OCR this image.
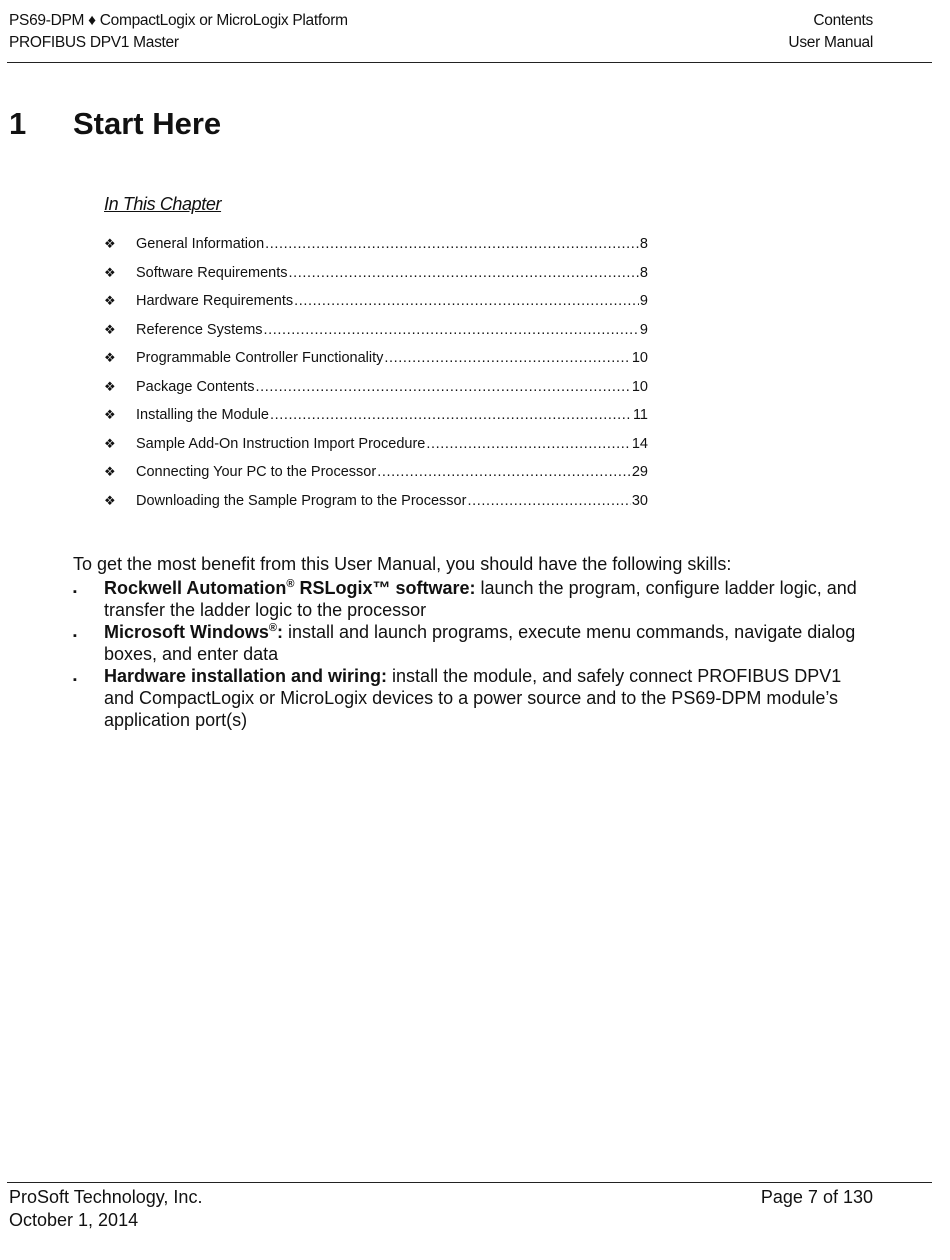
PS69-DPM ♦ CompactLogix or MicroLogix Platform	Contents
PROFIBUS DPV1 Master	User Manual
1 Start Here
In This Chapter
❖	General Information .....	8
❖	Software Requirements .....	8
❖	Hardware Requirements .....	9
❖	Reference Systems .....	9
❖	Programmable Controller Functionality .....	10
❖	Package Contents .....	10
❖	Installing the Module .....	11
❖	Sample Add-On Instruction Import Procedure .....	14
❖	Connecting Your PC to the Processor .....	29
❖	Downloading the Sample Program to the Processor .....	30
To get the most benefit from this User Manual, you should have the following skills:
▪	Rockwell Automation® RSLogix™ software: launch the program, configure ladder logic, and transfer the ladder logic to the processor
▪	Microsoft Windows®: install and launch programs, execute menu commands, navigate dialog boxes, and enter data
▪	Hardware installation and wiring: install the module, and safely connect PROFIBUS DPV1 and CompactLogix or MicroLogix devices to a power source and to the PS69-DPM module’s application port(s)
ProSoft Technology, Inc.	Page 7 of 130
October 1, 2014
